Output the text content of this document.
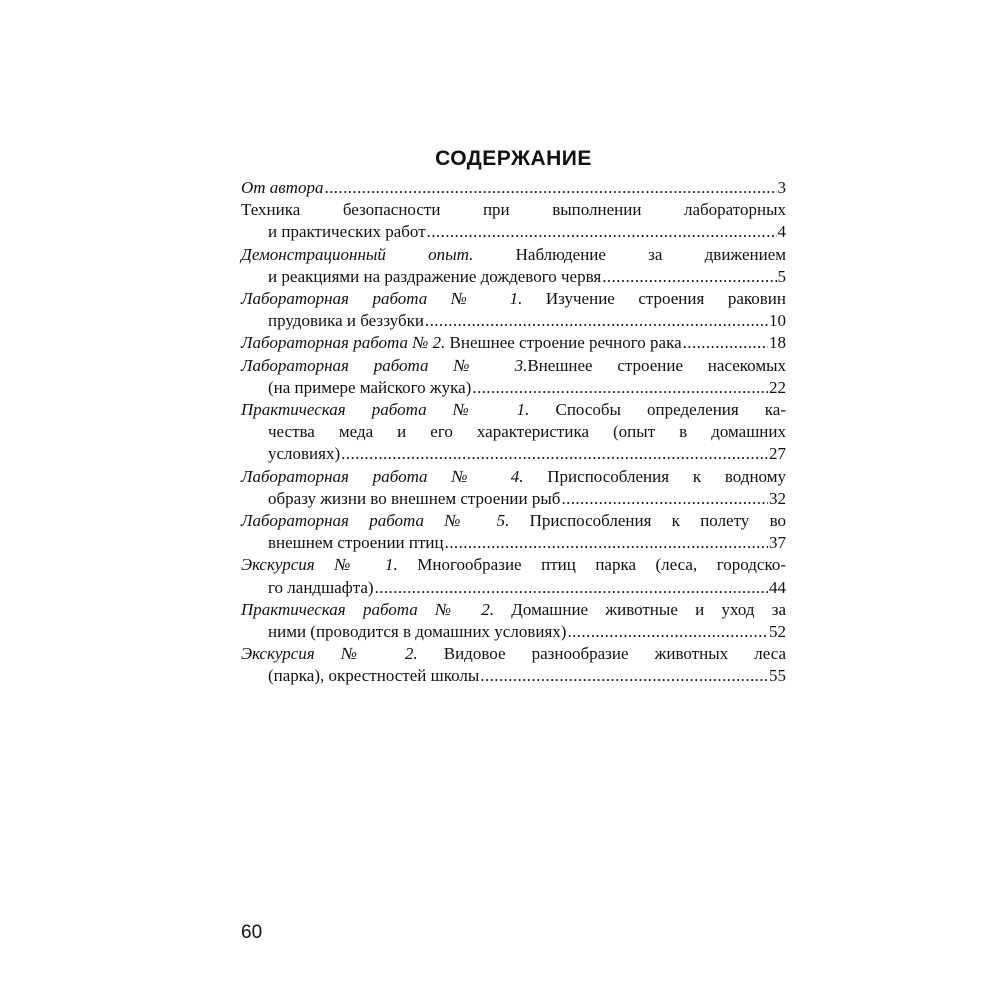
СОДЕРЖАНИЕ
От автора .....	3
Техника безопасности при выполнении лабораторных
и практических работ .....	4
Демонстрационный опыт. Наблюдение за движением
и реакциями на раздражение дождевого червя .....	5
Лабораторная работа № 1. Изучение строения раковин
прудовика и беззубки .....	10
Лабораторная работа № 2. Внешнее строение речного рака .....	18
Лабораторная работа № 3.Внешнее строение насекомых
(на примере майского жука) .....	22
Практическая работа № 1. Способы определения ка-
чества меда и его характеристика (опыт в домашних
условиях) .....	27
Лабораторная работа № 4. Приспособления к водному
образу жизни во внешнем строении рыб .....	32
Лабораторная работа № 5. Приспособления к полету во
внешнем строении птиц .....	37
Экскурсия № 1. Многообразие птиц парка (леса, городско-
го ландшафта) .....	44
Практическая работа № 2. Домашние животные и уход за
ними (проводится в домашних условиях) .....	52
Экскурсия № 2. Видовое разнообразие животных леса
(парка), окрестностей школы .....	55
60
